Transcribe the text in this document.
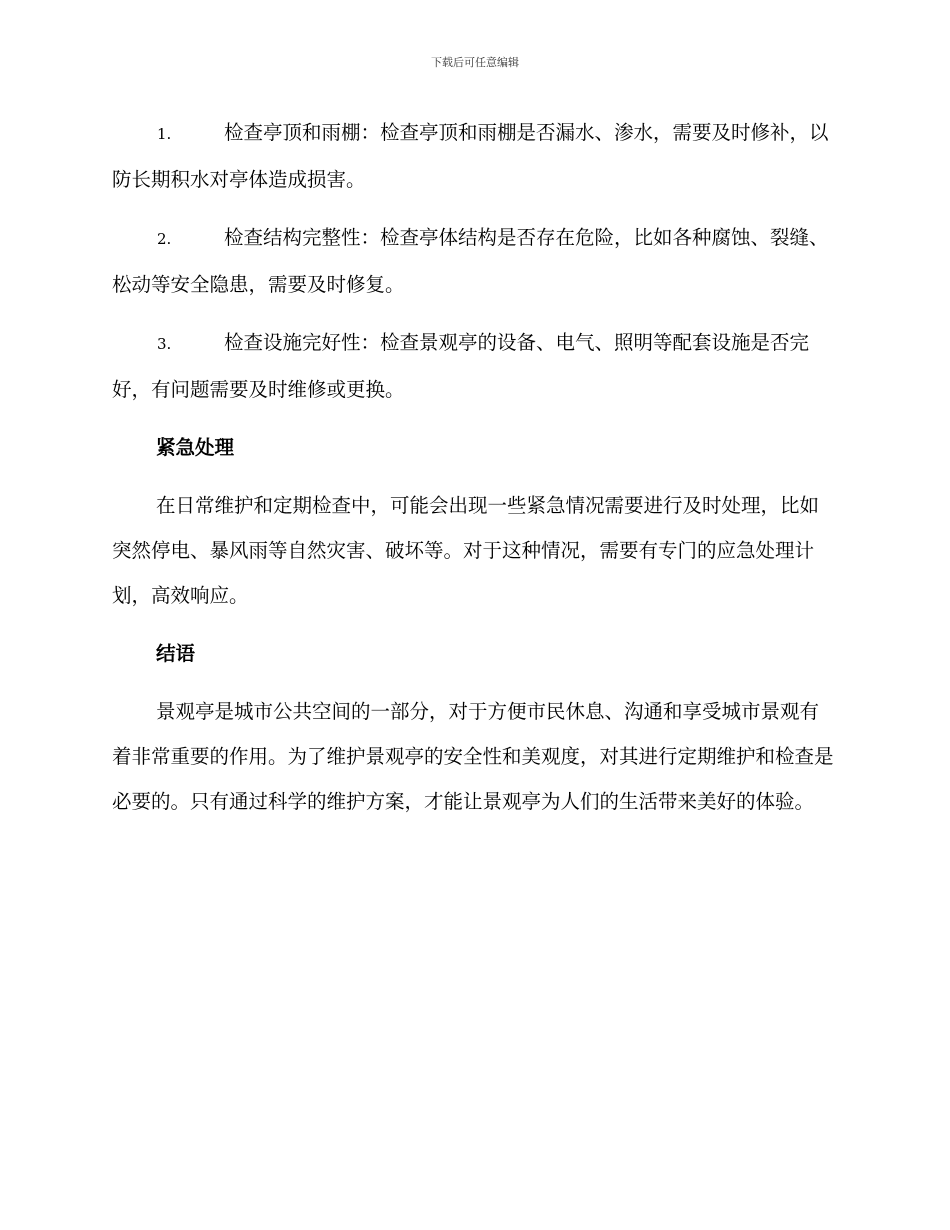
下载后可任意编辑
1.	检查亭顶和雨棚：检查亭顶和雨棚是否漏水、渗水，需要及时修补，以防长期积水对亭体造成损害。
2.	检查结构完整性：检查亭体结构是否存在危险，比如各种腐蚀、裂缝、松动等安全隐患，需要及时修复。
3.	检查设施完好性：检查景观亭的设备、电气、照明等配套设施是否完好，有问题需要及时维修或更换。
紧急处理
在日常维护和定期检查中，可能会出现一些紧急情况需要进行及时处理，比如突然停电、暴风雨等自然灾害、破坏等。对于这种情况，需要有专门的应急处理计划，高效响应。
结语
景观亭是城市公共空间的一部分，对于方便市民休息、沟通和享受城市景观有着非常重要的作用。为了维护景观亭的安全性和美观度，对其进行定期维护和检查是必要的。只有通过科学的维护方案，才能让景观亭为人们的生活带来美好的体验。
